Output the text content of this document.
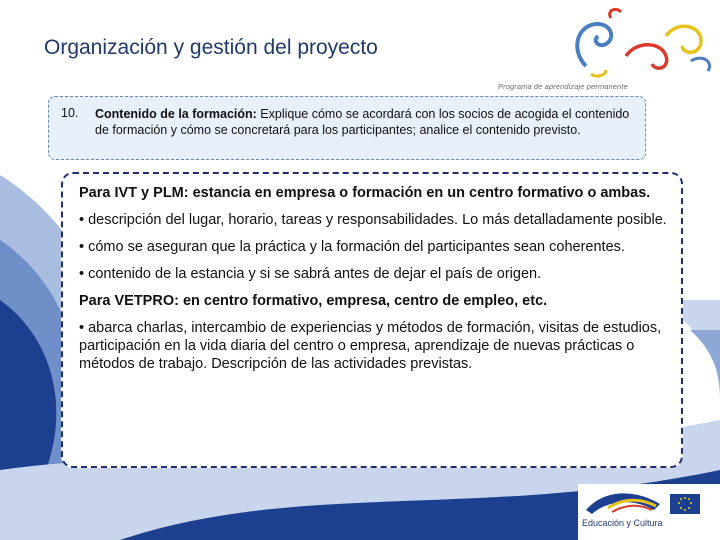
Organización y gestión del proyecto
Programa de aprendizaje permanente
10. Contenido de la formación: Explique cómo se acordará con los socios de acogida el contenido de formación y cómo se concretará para los participantes; analice el contenido previsto.

Para IVT y PLM: estancia en empresa o formación en un centro formativo o ambas.

• descripción del lugar, horario, tareas y responsabilidades. Lo más detalladamente posible.

• cómo se aseguran que la práctica y la formación del participantes sean coherentes.

• contenido de la estancia y si se sabrá antes de dejar el país de origen.

Para VETPRO: en centro formativo, empresa, centro de empleo, etc.

• abarca charlas, intercambio de experiencias y métodos de formación, visitas de estudios, participación en la vida diaria del centro o empresa, aprendizaje de nuevas prácticas o métodos de trabajo. Descripción de las actividades previstas.

Educación y Cultura
